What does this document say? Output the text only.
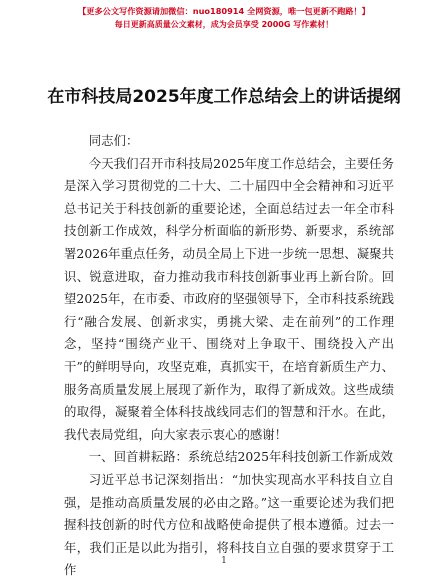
【更多公文写作资源请加微信：nuo180914 全网资源，唯一包更新不跑路！】
每日更新高质量公文素材，成为会员享受 2000G 写作素材！
在市科技局2025年度工作总结会上的讲话提纲

同志们：

今天我们召开市科技局2025年度工作总结会，主要任务是深入学习贯彻党的二十大、二十届四中全会精神和习近平总书记关于科技创新的重要论述，全面总结过去一年全市科技创新工作成效，科学分析面临的新形势、新要求，系统部署2026年重点任务，动员全局上下进一步统一思想、凝聚共识、锐意进取，奋力推动我市科技创新事业再上新台阶。回望2025年，在市委、市政府的坚强领导下，全市科技系统践行“融合发展、创新求实，勇挑大梁、走在前列”的工作理念，坚持“围绕产业干、围绕对上争取干、围绕投入产出干”的鲜明导向，攻坚克难，真抓实干，在培育新质生产力、服务高质量发展上展现了新作为，取得了新成效。这些成绩的取得，凝聚着全体科技战线同志们的智慧和汗水。在此，我代表局党组，向大家表示衷心的感谢！

一、回首耕耘路：系统总结2025年科技创新工作新成效

习近平总书记深刻指出：“加快实现高水平科技自立自强，是推动高质量发展的必由之路。”这一重要论述为我们把握科技创新的时代方位和战略使命提供了根本遵循。过去一年，我们正是以此为指引，将科技自立自强的要求贯穿于工作

1
